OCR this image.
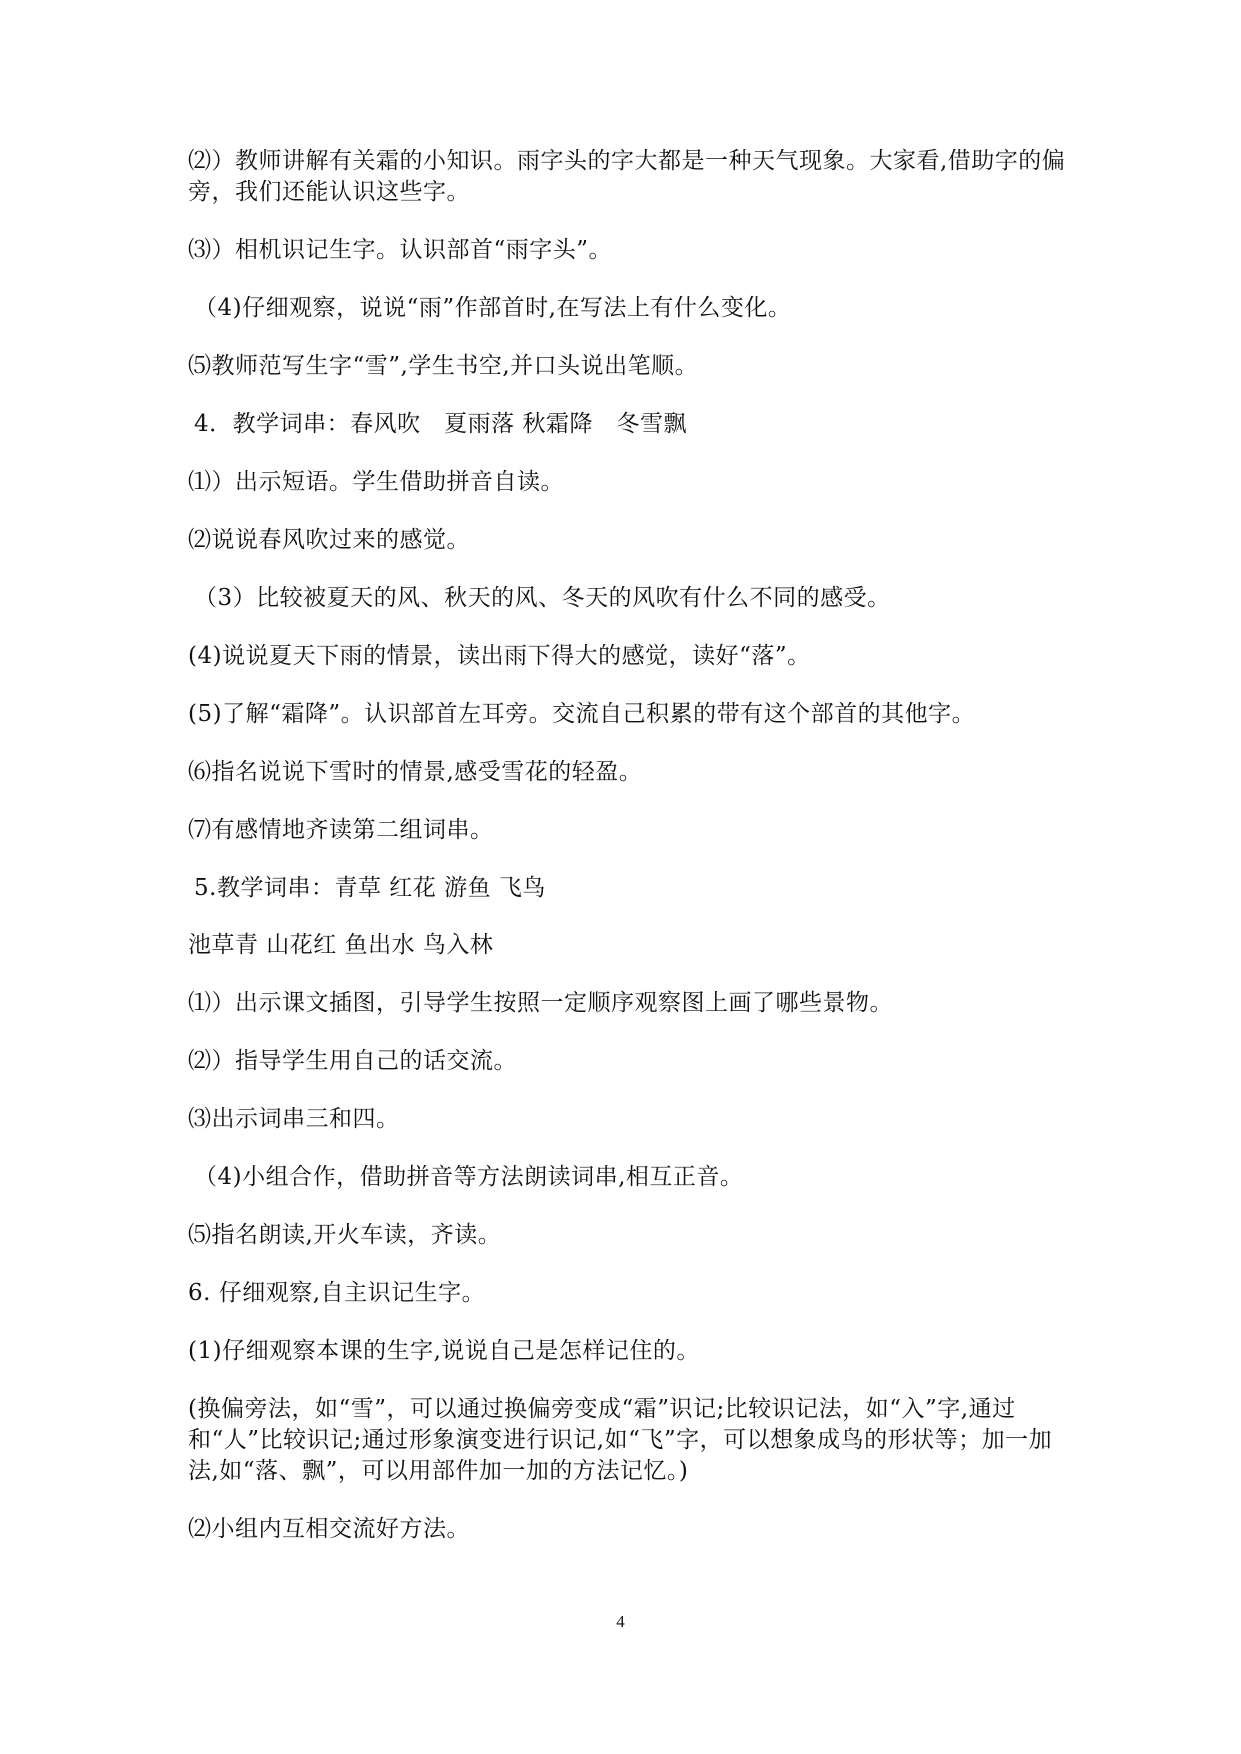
⑵）教师讲解有关霜的小知识。雨字头的字大都是一种天气现象。大家看,借助字的偏旁，我们还能认识这些字。

⑶）相机识记生字。认识部首“雨字头”。

（4)仔细观察，说说“雨”作部首时,在写法上有什么变化。

⑸教师范写生字“雪”,学生书空,并口头说出笔顺。

4．教学词串：春风吹　夏雨落 秋霜降　冬雪飘

⑴）出示短语。学生借助拼音自读。

⑵说说春风吹过来的感觉。

（3）比较被夏天的风、秋天的风、冬天的风吹有什么不同的感受。

(4)说说夏天下雨的情景，读出雨下得大的感觉，读好“落”。

(5)了解“霜降”。认识部首左耳旁。交流自己积累的带有这个部首的其他字。

⑹指名说说下雪时的情景,感受雪花的轻盈。

⑺有感情地齐读第二组词串。

5.教学词串：青草 红花 游鱼 飞鸟

池草青 山花红 鱼出水 鸟入林

⑴）出示课文插图，引导学生按照一定顺序观察图上画了哪些景物。

⑵）指导学生用自己的话交流。

⑶出示词串三和四。

（4)小组合作，借助拼音等方法朗读词串,相互正音。

⑸指名朗读,开火车读，齐读。

6. 仔细观察,自主识记生字。

(1)仔细观察本课的生字,说说自己是怎样记住的。

(换偏旁法，如“雪”，可以通过换偏旁变成“霜”识记;比较识记法，如“入”字,通过和“人”比较识记;通过形象演变进行识记,如“飞”字，可以想象成鸟的形状等；加一加法,如“落、飘”，可以用部件加一加的方法记忆。)

⑵小组内互相交流好方法。

4
